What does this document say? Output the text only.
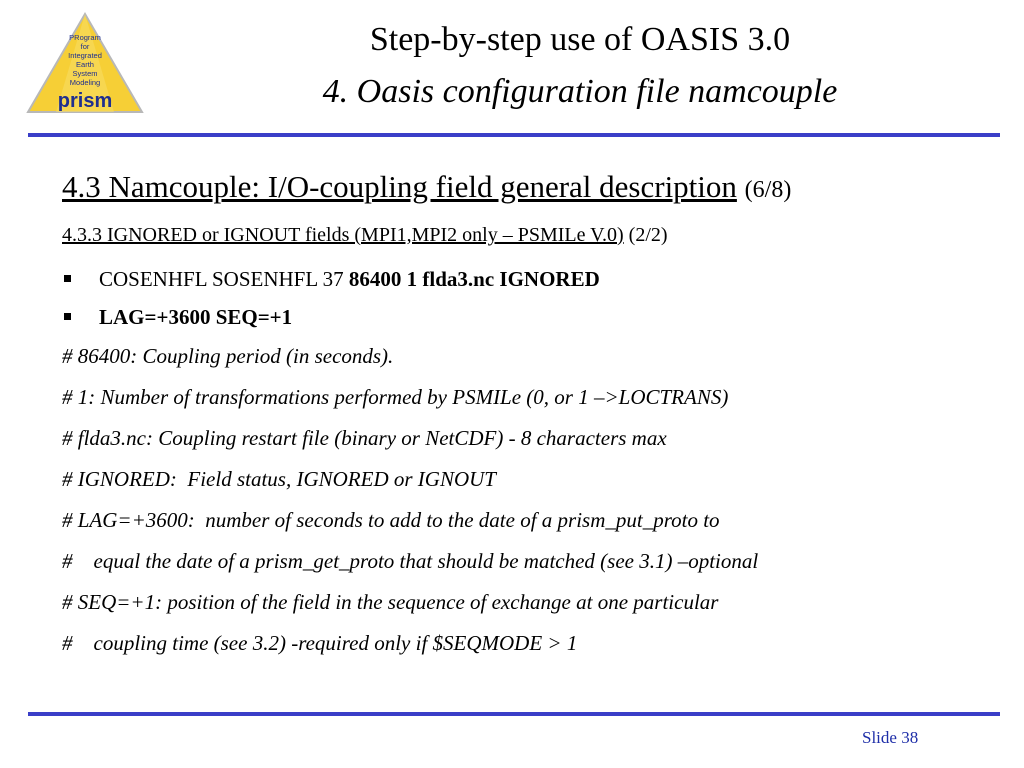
PRogram
for
Integrated
Earth
System
Modeling
prism
Step-by-step use of OASIS 3.0
4. Oasis configuration file namcouple
4.3 Namcouple: I/O-coupling field general description (6/8)
4.3.3 IGNORED or IGNOUT fields (MPI1,MPI2 only – PSMILe V.0) (2/2)
COSENHFL SOSENHFL 37 86400 1 flda3.nc IGNORED
LAG=+3600 SEQ=+1
# 86400: Coupling period (in seconds).
# 1: Number of transformations performed by PSMILe (0, or 1 –>LOCTRANS)
# flda3.nc: Coupling restart file (binary or NetCDF) - 8 characters max
# IGNORED:  Field status, IGNORED or IGNOUT
# LAG=+3600:  number of seconds to add to the date of a prism_put_proto to
#    equal the date of a prism_get_proto that should be matched (see 3.1) –optional
# SEQ=+1: position of the field in the sequence of exchange at one particular
#    coupling time (see 3.2) -required only if $SEQMODE > 1
Slide 38
